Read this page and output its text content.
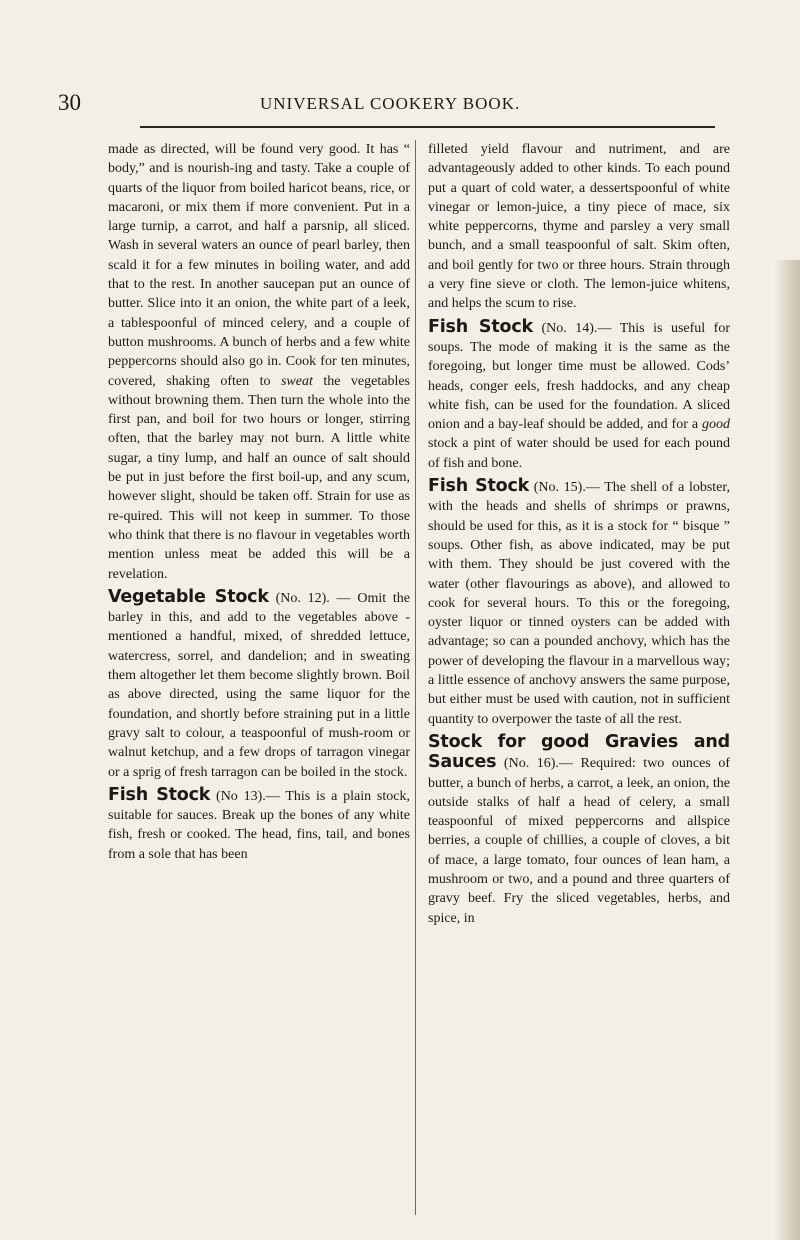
30	UNIVERSAL COOKERY BOOK.

made as directed, will be found very good. It has “ body,” and is nourish-ing and tasty. Take a couple of quarts of the liquor from boiled haricot beans, rice, or macaroni, or mix them if more convenient. Put in a large turnip, a carrot, and half a parsnip, all sliced. Wash in several waters an ounce of pearl barley, then scald it for a few minutes in boiling water, and add that to the rest. In another saucepan put an ounce of butter. Slice into it an onion, the white part of a leek, a tablespoonful of minced celery, and a couple of button mushrooms. A bunch of herbs and a few white peppercorns should also go in. Cook for ten minutes, covered, shaking often to sweat the vegetables without browning them. Then turn the whole into the first pan, and boil for two hours or longer, stirring often, that the barley may not burn. A little white sugar, a tiny lump, and half an ounce of salt should be put in just before the first boil-up, and any scum, however slight, should be taken off. Strain for use as re-quired. This will not keep in summer. To those who think that there is no flavour in vegetables worth mention unless meat be added this will be a revelation.

Vegetable Stock (No. 12). — Omit the barley in this, and add to the vegetables above - mentioned a handful, mixed, of shredded lettuce, watercress, sorrel, and dandelion; and in sweating them altogether let them become slightly brown. Boil as above directed, using the same liquor for the foundation, and shortly before straining put in a little gravy salt to colour, a teaspoonful of mush-room or walnut ketchup, and a few drops of tarragon vinegar or a sprig of fresh tarragon can be boiled in the stock.

Fish Stock (No 13).— This is a plain stock, suitable for sauces. Break up the bones of any white fish, fresh or cooked. The head, fins, tail, and bones from a sole that has been

filleted yield flavour and nutriment, and are advantageously added to other kinds. To each pound put a quart of cold water, a dessertspoonful of white vinegar or lemon-juice, a tiny piece of mace, six white peppercorns, thyme and parsley a very small bunch, and a small teaspoonful of salt. Skim often, and boil gently for two or three hours. Strain through a very fine sieve or cloth. The lemon-juice whitens, and helps the scum to rise.

Fish Stock (No. 14).— This is useful for soups. The mode of making it is the same as the foregoing, but longer time must be allowed. Cods’ heads, conger eels, fresh haddocks, and any cheap white fish, can be used for the foundation. A sliced onion and a bay-leaf should be added, and for a good stock a pint of water should be used for each pound of fish and bone.

Fish Stock (No. 15).— The shell of a lobster, with the heads and shells of shrimps or prawns, should be used for this, as it is a stock for “ bisque ” soups. Other fish, as above indicated, may be put with them. They should be just covered with the water (other flavourings as above), and allowed to cook for several hours. To this or the foregoing, oyster liquor or tinned oysters can be added with advantage; so can a pounded anchovy, which has the power of developing the flavour in a marvellous way; a little essence of anchovy answers the same purpose, but either must be used with caution, not in sufficient quantity to overpower the taste of all the rest.

Stock for good Gravies and Sauces (No. 16).— Required: two ounces of butter, a bunch of herbs, a carrot, a leek, an onion, the outside stalks of half a head of celery, a small teaspoonful of mixed peppercorns and allspice berries, a couple of chillies, a couple of cloves, a bit of mace, a large tomato, four ounces of lean ham, a mushroom or two, and a pound and three quarters of gravy beef. Fry the sliced vegetables, herbs, and spice, in
